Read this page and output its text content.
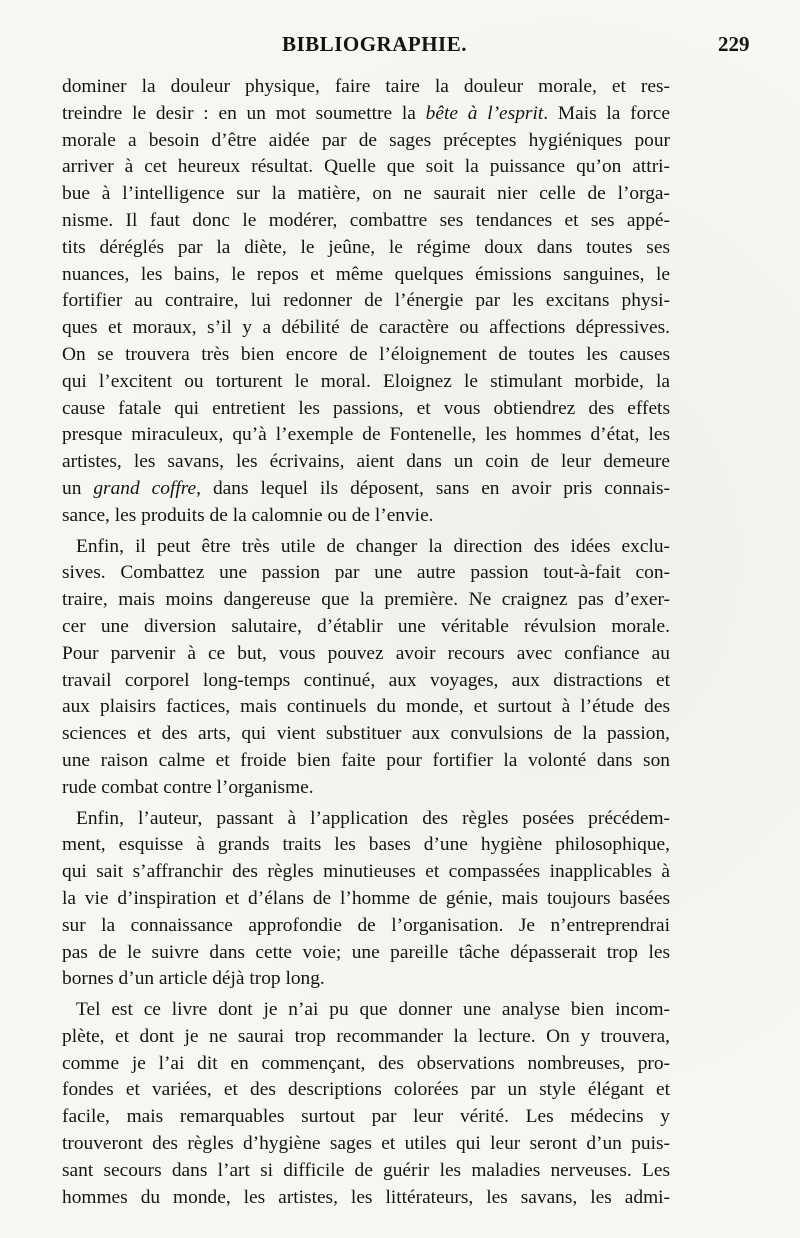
BIBLIOGRAPHIE.	229
dominer la douleur physique, faire taire la douleur morale, et res-
treindre le desir : en un mot soumettre la bête à l’esprit. Mais la force
morale a besoin d’être aidée par de sages préceptes hygiéniques pour
arriver à cet heureux résultat. Quelle que soit la puissance qu’on attri-
bue à l’intelligence sur la matière, on ne saurait nier celle de l’orga-
nisme. Il faut donc le modérer, combattre ses tendances et ses appé-
tits déréglés par la diète, le jeûne, le régime doux dans toutes ses
nuances, les bains, le repos et même quelques émissions sanguines, le
fortifier au contraire, lui redonner de l’énergie par les excitans physi-
ques et moraux, s’il y a débilité de caractère ou affections dépressives.
On se trouvera très bien encore de l’éloignement de toutes les causes
qui l’excitent ou torturent le moral. Eloignez le stimulant morbide, la
cause fatale qui entretient les passions, et vous obtiendrez des effets
presque miraculeux, qu’à l’exemple de Fontenelle, les hommes d’état, les
artistes, les savans, les écrivains, aient dans un coin de leur demeure
un grand coffre, dans lequel ils déposent, sans en avoir pris connais-
sance, les produits de la calomnie ou de l’envie.
Enfin, il peut être très utile de changer la direction des idées exclu-
sives. Combattez une passion par une autre passion tout-à-fait con-
traire, mais moins dangereuse que la première. Ne craignez pas d’exer-
cer une diversion salutaire, d’établir une véritable révulsion morale.
Pour parvenir à ce but, vous pouvez avoir recours avec confiance au
travail corporel long-temps continué, aux voyages, aux distractions et
aux plaisirs factices, mais continuels du monde, et surtout à l’étude des
sciences et des arts, qui vient substituer aux convulsions de la passion,
une raison calme et froide bien faite pour fortifier la volonté dans son
rude combat contre l’organisme.
Enfin, l’auteur, passant à l’application des règles posées précédem-
ment, esquisse à grands traits les bases d’une hygiène philosophique,
qui sait s’affranchir des règles minutieuses et compassées inapplicables à
la vie d’inspiration et d’élans de l’homme de génie, mais toujours basées
sur la connaissance approfondie de l’organisation. Je n’entreprendrai
pas de le suivre dans cette voie; une pareille tâche dépasserait trop les
bornes d’un article déjà trop long.
Tel est ce livre dont je n’ai pu que donner une analyse bien incom-
plète, et dont je ne saurai trop recommander la lecture. On y trouvera,
comme je l’ai dit en commençant, des observations nombreuses, pro-
fondes et variées, et des descriptions colorées par un style élégant et
facile, mais remarquables surtout par leur vérité. Les médecins y
trouveront des règles d’hygiène sages et utiles qui leur seront d’un puis-
sant secours dans l’art si difficile de guérir les maladies nerveuses. Les
hommes du monde, les artistes, les littérateurs, les savans, les admi-
